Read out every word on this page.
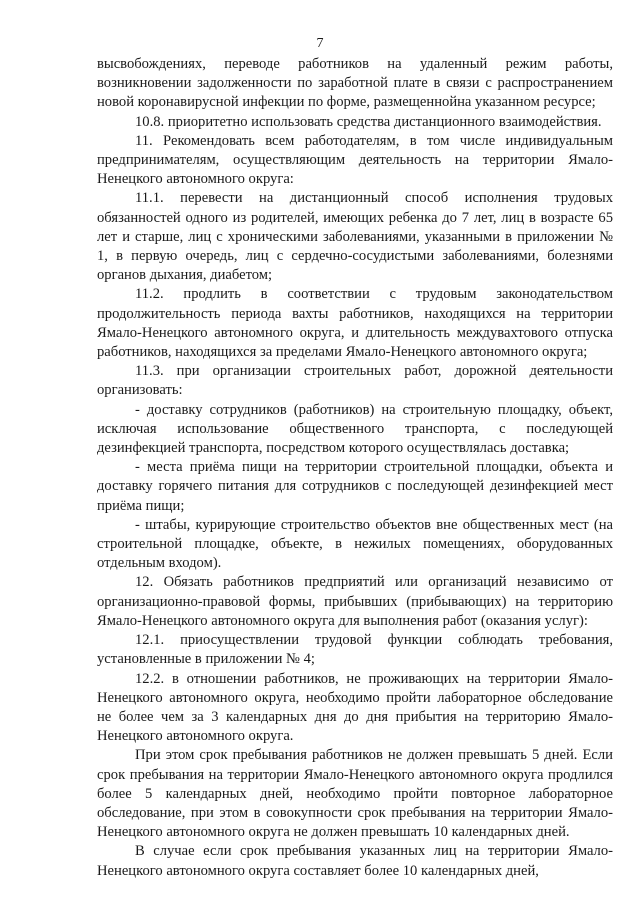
7

высвобождениях, переводе работников на удаленный режим работы, возникновении задолженности по заработной плате в связи с распространением новой коронавирусной инфекции по форме, размещеннойна указанном ресурсе;

10.8. приоритетно использовать средства дистанционного взаимодействия.

11. Рекомендовать всем работодателям, в том числе индивидуальным предпринимателям, осуществляющим деятельность на территории Ямало-Ненецкого автономного округа:

11.1. перевести на дистанционный способ исполнения трудовых обязанностей одного из родителей, имеющих ребенка до 7 лет, лиц в возрасте 65 лет и старше, лиц с хроническими заболеваниями, указанными в приложении № 1, в первую очередь, лиц с сердечно-сосудистыми заболеваниями, болезнями органов дыхания, диабетом;

11.2. продлить в соответствии с трудовым законодательством продолжительность периода вахты работников, находящихся на территории Ямало-Ненецкого автономного округа, и длительность междувахтового отпуска работников, находящихся за пределами Ямало-Ненецкого автономного округа;

11.3. при организации строительных работ, дорожной деятельности организовать:

- доставку сотрудников (работников) на строительную площадку, объект, исключая использование общественного транспорта, с последующей дезинфекцией транспорта, посредством которого осуществлялась доставка;

- места приёма пищи на территории строительной площадки, объекта и доставку горячего питания для сотрудников с последующей дезинфекцией мест приёма пищи;

- штабы, курирующие строительство объектов вне общественных мест (на строительной площадке, объекте, в нежилых помещениях, оборудованных отдельным входом).

12. Обязать работников предприятий или организаций независимо от организационно-правовой формы, прибывших (прибывающих) на территорию Ямало-Ненецкого автономного округа для выполнения работ (оказания услуг):

12.1. приосуществлении трудовой функции соблюдать требования, установленные в приложении № 4;

12.2. в отношении работников, не проживающих на территории Ямало-Ненецкого автономного округа, необходимо пройти лабораторное обследование не более чем за 3 календарных дня до дня прибытия на территорию Ямало-Ненецкого автономного округа.

При этом срок пребывания работников не должен превышать 5 дней. Если срок пребывания на территории Ямало-Ненецкого автономного округа продлился более 5 календарных дней, необходимо пройти повторное лабораторное обследование, при этом в совокупности срок пребывания на территории Ямало-Ненецкого автономного округа не должен превышать 10 календарных дней.

В случае если срок пребывания указанных лиц на территории Ямало-Ненецкого автономного округа составляет более 10 календарных дней,
